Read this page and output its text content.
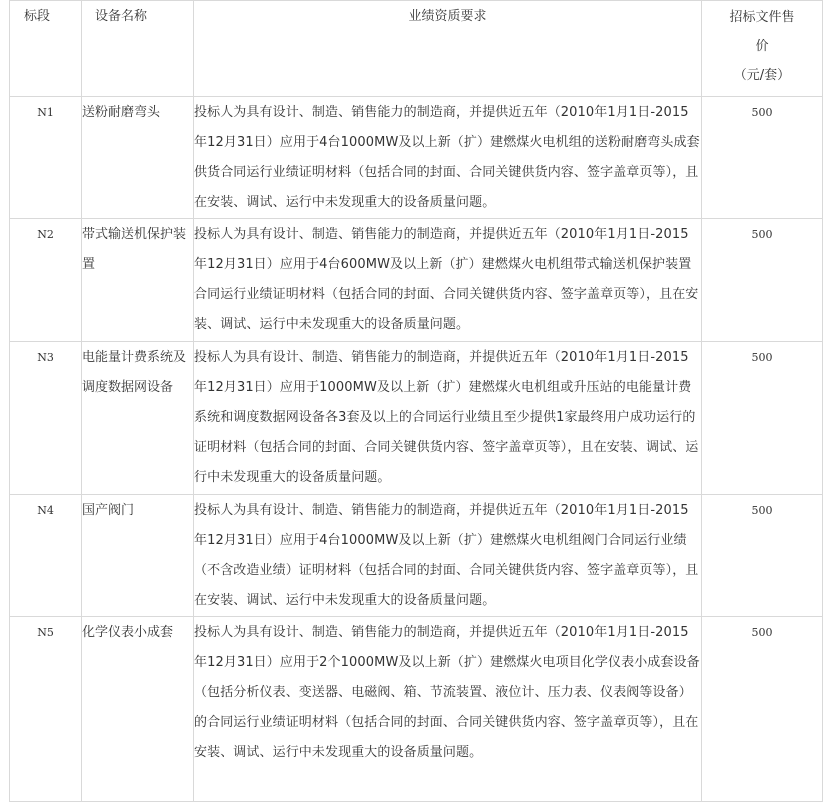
标段	设备名称	业绩资质要求	招标文件售
价
（元/套）

N1	送粉耐磨弯头	投标人为具有设计、制造、销售能力的制造商，并提供近五年（2010年1月1日-2015年12月31日）应用于4台1000MW及以上新（扩）建燃煤火电机组的送粉耐磨弯头成套供货合同运行业绩证明材料（包括合同的封面、合同关键供货内容、签字盖章页等），且在安装、调试、运行中未发现重大的设备质量问题。	500
N2	带式输送机保护装置	投标人为具有设计、制造、销售能力的制造商，并提供近五年（2010年1月1日-2015年12月31日）应用于4台600MW及以上新（扩）建燃煤火电机组带式输送机保护装置合同运行业绩证明材料（包括合同的封面、合同关键供货内容、签字盖章页等），且在安装、调试、运行中未发现重大的设备质量问题。	500
N3	电能量计费系统及调度数据网设备	投标人为具有设计、制造、销售能力的制造商，并提供近五年（2010年1月1日-2015年12月31日）应用于1000MW及以上新（扩）建燃煤火电机组或升压站的电能量计费系统和调度数据网设备各3套及以上的合同运行业绩且至少提供1家最终用户成功运行的证明材料（包括合同的封面、合同关键供货内容、签字盖章页等），且在安装、调试、运行中未发现重大的设备质量问题。	500
N4	国产阀门	投标人为具有设计、制造、销售能力的制造商，并提供近五年（2010年1月1日-2015年12月31日）应用于4台1000MW及以上新（扩）建燃煤火电机组阀门合同运行业绩（不含改造业绩）证明材料（包括合同的封面、合同关键供货内容、签字盖章页等），且在安装、调试、运行中未发现重大的设备质量问题。	500
N5	化学仪表小成套	投标人为具有设计、制造、销售能力的制造商，并提供近五年（2010年1月1日-2015年12月31日）应用于2个1000MW及以上新（扩）建燃煤火电项目化学仪表小成套设备（包括分析仪表、变送器、电磁阀、箱、节流装置、液位计、压力表、仪表阀等设备）的合同运行业绩证明材料（包括合同的封面、合同关键供货内容、签字盖章页等），且在安装、调试、运行中未发现重大的设备质量问题。	500
